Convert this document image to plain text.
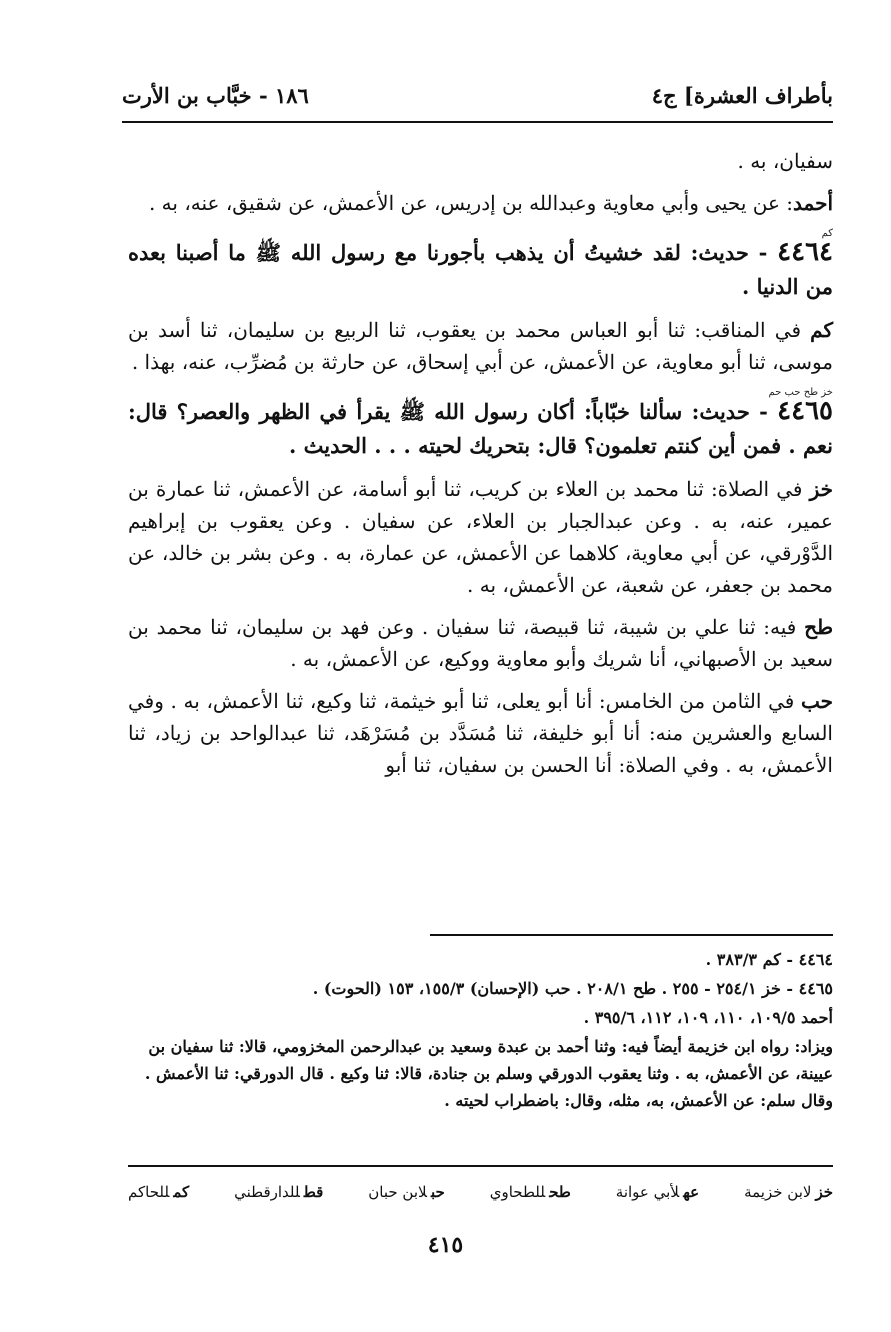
بأطراف العشرة] ج٤
١٨٦ - خبَّاب بن الأرت

سفيان، به .

أحمد: عن يحيى وأبي معاوية وعبدالله بن إدريس، عن الأعمش، عن شقيق، عنه، به .

كم
٤٤٦٤ - حديث: لقد خشيتُ أن يذهب بأجورنا مع رسول الله ﷺ ما أصبنا بعده من الدنيا .

كم في المناقب: ثنا أبو العباس محمد بن يعقوب، ثنا الربيع بن سليمان، ثنا أسد بن موسى، ثنا أبو معاوية، عن الأعمش، عن أبي إسحاق، عن حارثة بن مُضرِّب، عنه، بهذا .

خز طح حب حم
٤٤٦٥ - حديث: سألنا خبّاباً: أكان رسول الله ﷺ يقرأ في الظهر والعصر؟ قال: نعم . فمن أين كنتم تعلمون؟ قال: بتحريك لحيته . . . الحديث .

خز في الصلاة: ثنا محمد بن العلاء بن كريب، ثنا أبو أسامة، عن الأعمش، ثنا عمارة بن عمير، عنه، به . وعن عبدالجبار بن العلاء، عن سفيان . وعن يعقوب بن إبراهيم الدَّوْرقي، عن أبي معاوية، كلاهما عن الأعمش، عن عمارة، به . وعن بشر بن خالد، عن محمد بن جعفر، عن شعبة، عن الأعمش، به .

طح فيه: ثنا علي بن شيبة، ثنا قبيصة، ثنا سفيان . وعن فهد بن سليمان، ثنا محمد بن سعيد بن الأصبهاني، أنا شريك وأبو معاوية ووكيع، عن الأعمش، به .

حب في الثامن من الخامس: أنا أبو يعلى، ثنا أبو خيثمة، ثنا وكيع، ثنا الأعمش، به . وفي السابع والعشرين منه: أنا أبو خليفة، ثنا مُسَدَّد بن مُسَرْهَد، ثنا عبدالواحد بن زياد، ثنا الأعمش، به . وفي الصلاة: أنا الحسن بن سفيان، ثنا أبو

٤٤٦٤ - كم ٣٨٣/٣ .

٤٤٦٥ - خز ٢٥٤/١ - ٢٥٥ . طح ٢٠٨/١ . حب (الإحسان) ١٥٥/٣، ١٥٣ (الحوت) .

أحمد ١٠٩/٥، ١١٠، ١٠٩، ١١٢، ٣٩٥/٦ .

ويزاد: رواه ابن خزيمة أيضاً فيه: وثنا أحمد بن عبدة وسعيد بن عبدالرحمن المخزومي، قالا: ثنا سفيان بن عيينة، عن الأعمش، به . وثنا يعقوب الدورقي وسلم بن جنادة، قالا: ثنا وكيع . قال الدورقي: ثنا الأعمش . وقال سلم: عن الأعمش، به، مثله، وقال: باضطراب لحيته .

خزلابن خزيمة
عهلأبي عوانة
طحللطحاوي
حبلابن حبان
قطللدارقطني
كمللحاكم
٤١٥
